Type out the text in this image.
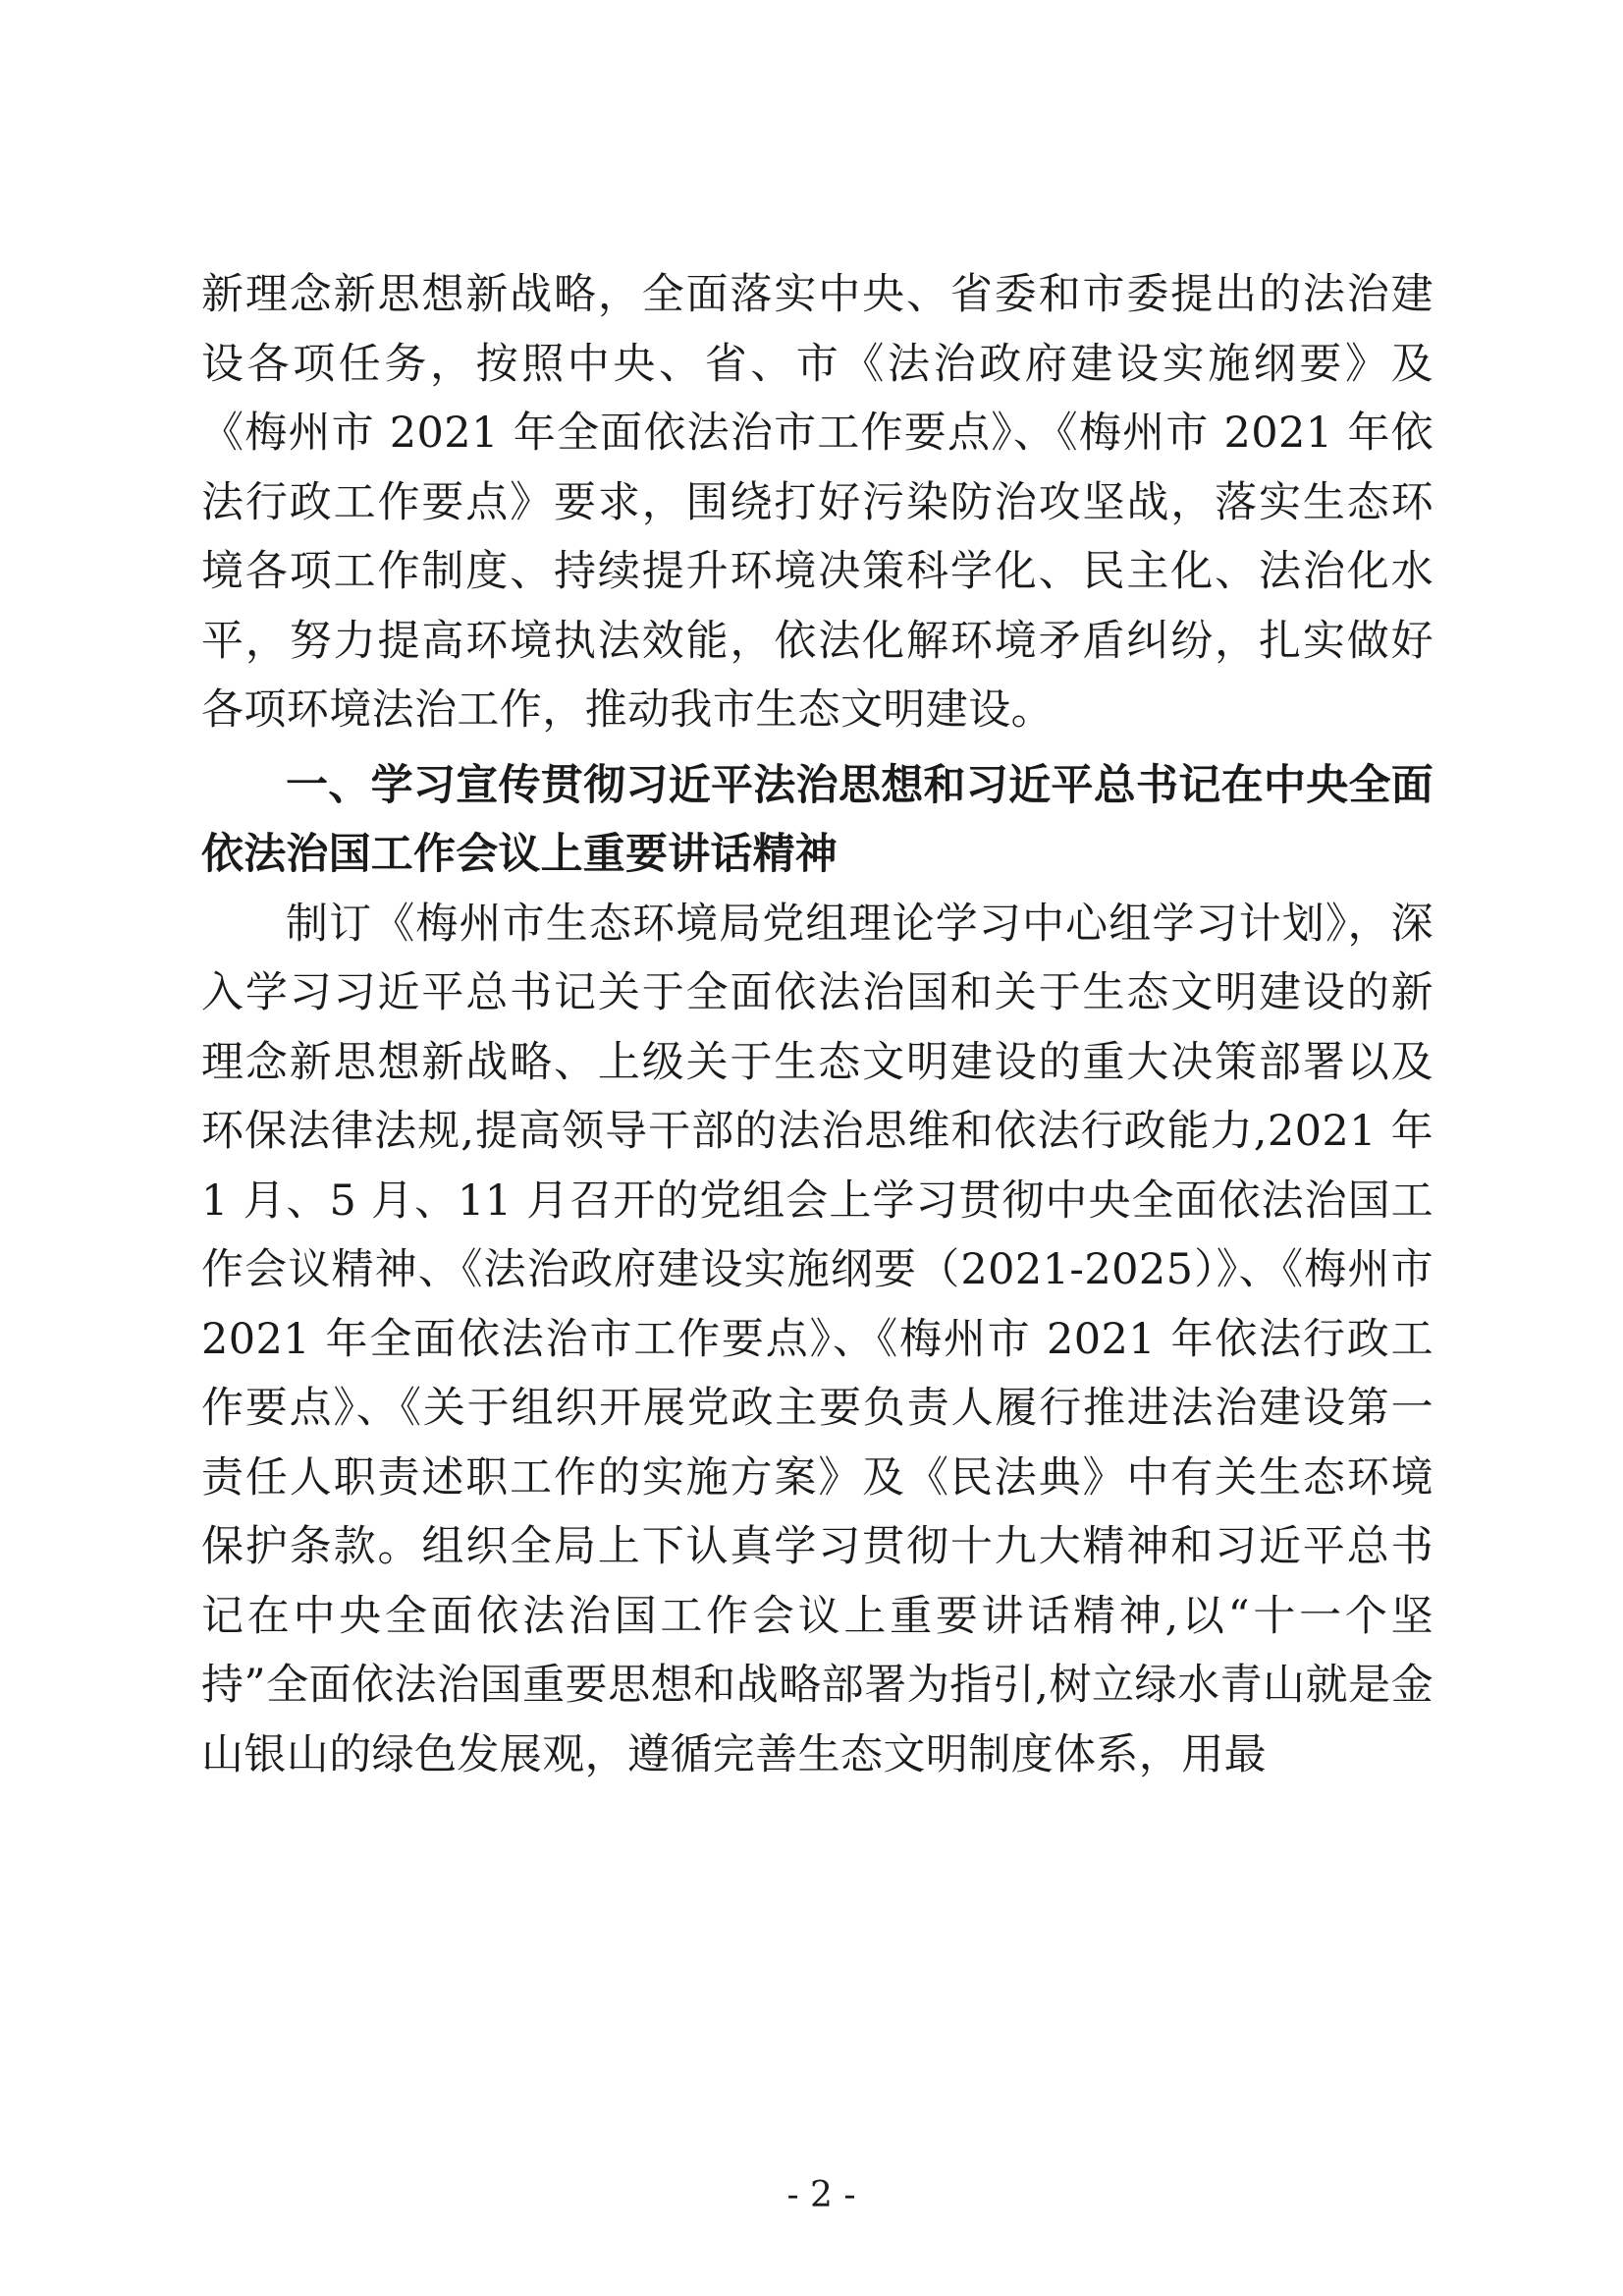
新理念新思想新战略，全面落实中央、省委和市委提出的法治建设各项任务，按照中央、省、市《法治政府建设实施纲要》及《梅州市 2021 年全面依法治市工作要点》、《梅州市 2021 年依法行政工作要点》要求，围绕打好污染防治攻坚战，落实生态环境各项工作制度、持续提升环境决策科学化、民主化、法治化水平，努力提高环境执法效能，依法化解环境矛盾纠纷，扎实做好各项环境法治工作，推动我市生态文明建设。

一、学习宣传贯彻习近平法治思想和习近平总书记在中央全面依法治国工作会议上重要讲话精神

制订《梅州市生态环境局党组理论学习中心组学习计划》，深入学习习近平总书记关于全面依法治国和关于生态文明建设的新理念新思想新战略、上级关于生态文明建设的重大决策部署以及环保法律法规,提高领导干部的法治思维和依法行政能力,2021 年 1 月、5 月、11 月召开的党组会上学习贯彻中央全面依法治国工作会议精神、《法治政府建设实施纲要（2021-2025）》、《梅州市 2021 年全面依法治市工作要点》、《梅州市 2021 年依法行政工作要点》、《关于组织开展党政主要负责人履行推进法治建设第一责任人职责述职工作的实施方案》及《民法典》中有关生态环境保护条款。组织全局上下认真学习贯彻十九大精神和习近平总书记在中央全面依法治国工作会议上重要讲话精神,以“十一个坚持”全面依法治国重要思想和战略部署为指引,树立绿水青山就是金山银山的绿色发展观，遵循完善生态文明制度体系，用最

- 2 -
